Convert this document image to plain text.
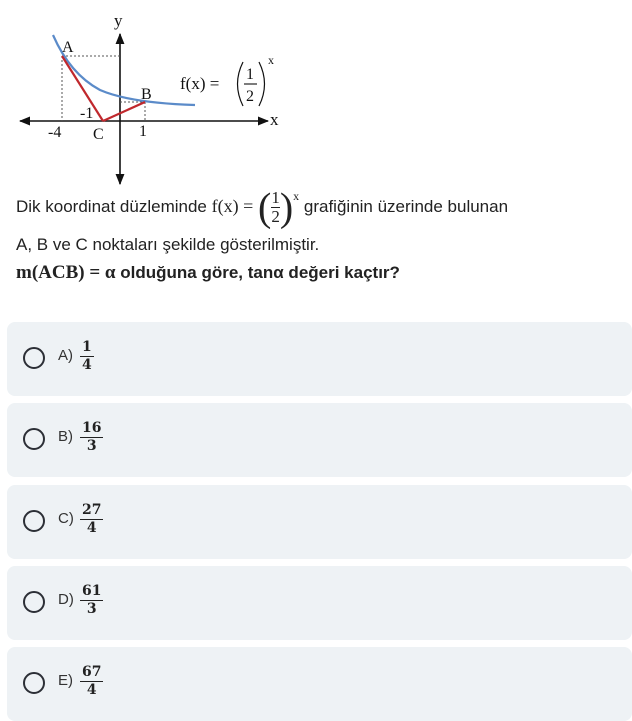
y
x
A
B
C
-4	1
-1
f(x) = 1
2
x
Dik koordinat düzleminde f(x) = ( $\frac{1}{2} )^x$ grafiğinin üzerinde bulunan
A, B ve C noktaları şekilde gösterilmiştir.
m(ACB) = α olduğuna göre, tanα değeri kaçtır?
$A) \frac{1}{4}$
$B) \frac{16}{3}$
$C) \frac{27}{4}$
$D) \frac{61}{3}$
$E) \frac{67}{4}$
